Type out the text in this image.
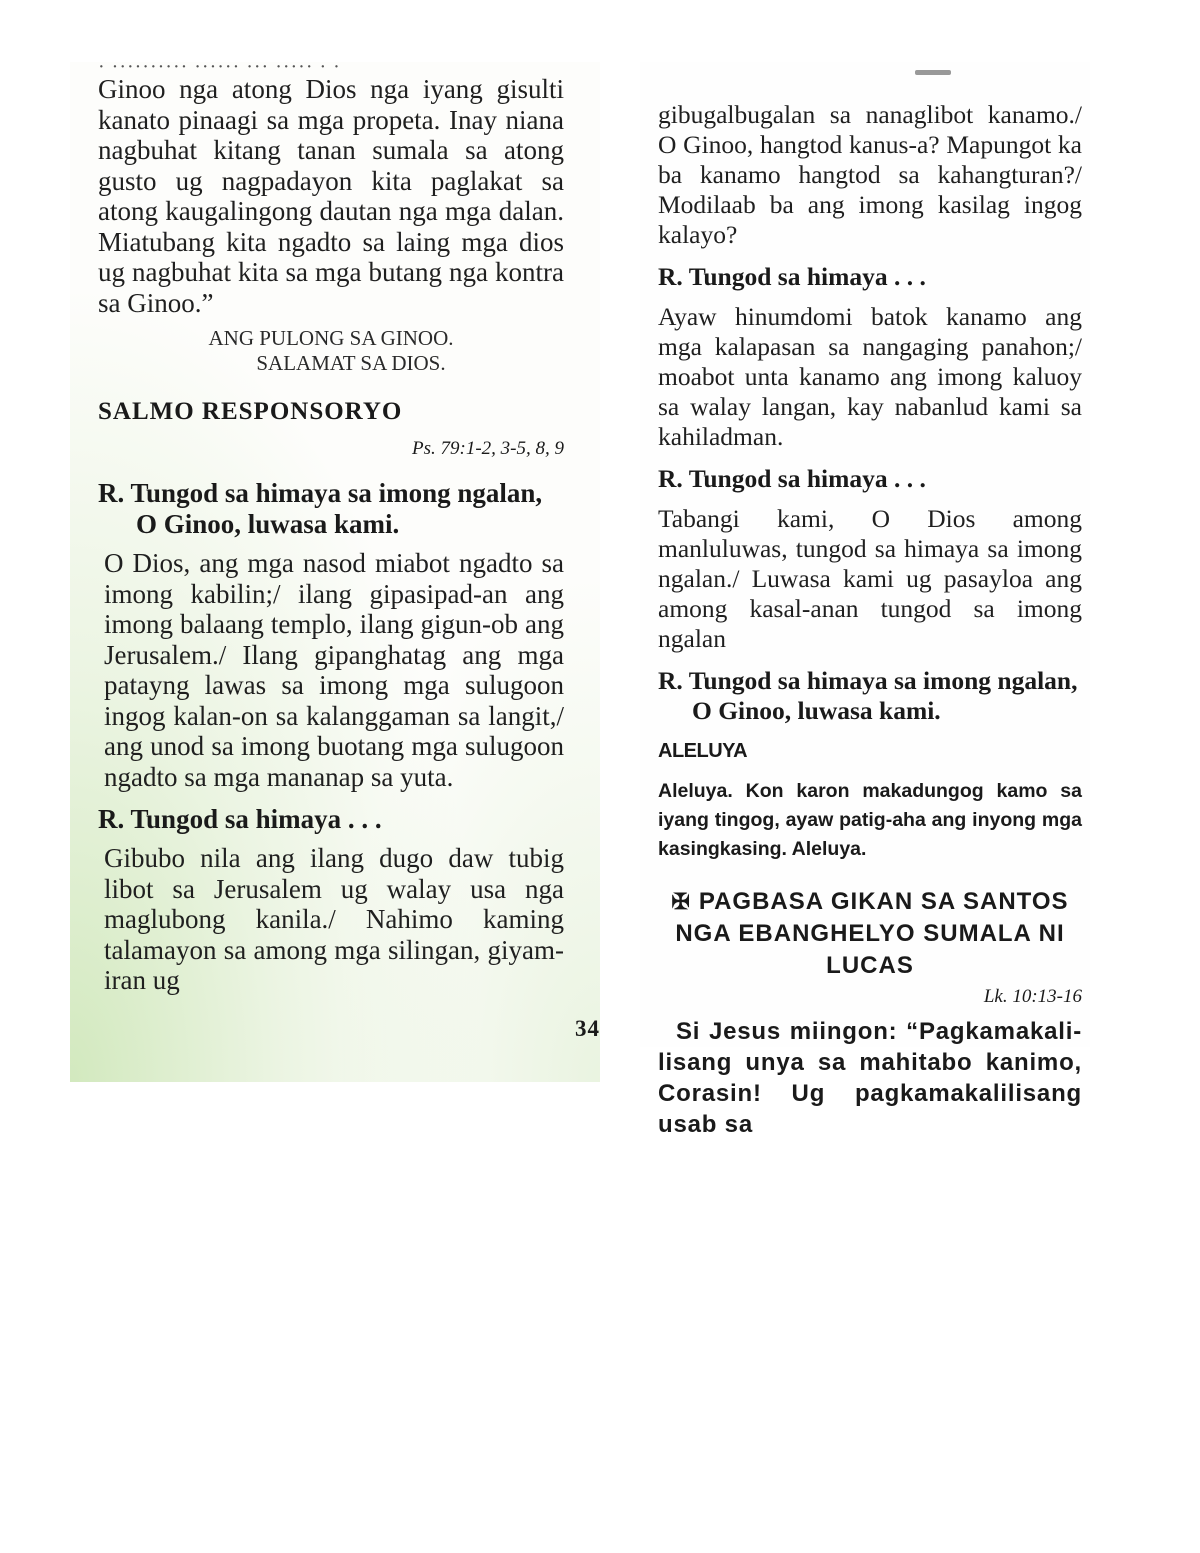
· ·········· ······ ··· ····· · ·

Ginoo nga atong Dios nga iyang gisulti kanato pinaagi sa mga propeta. Inay niana nagbuhat kitang tanan sumala sa atong gusto ug nagpadayon kita paglakat sa atong kaugalingong dautan nga mga dalan. Miatubang kita ngadto sa laing mga dios ug nagbuhat kita sa mga butang nga kontra sa Ginoo.”

ANG PULONG SA GINOO.
SALAMAT SA DIOS.
SALMO RESPONSORYO
Ps. 79:1-2, 3-5, 8, 9
R. Tungod sa himaya sa imong ngalan,
O Ginoo, luwasa kami.

O Dios, ang mga nasod miabot ngadto sa imong kabilin;/ ilang gipasipad-an ang imong balaang templo, ilang gigun-ob ang Jerusalem./ Ilang gipanghatag ang mga patayng lawas sa imong mga sulugoon ingog kalan-on sa kalanggaman sa langit,/ ang unod sa imong buotang mga sulugoon ngadto sa mga mananap sa yuta.

R. Tungod sa himaya . . .

Gibubo nila ang ilang dugo daw tubig libot sa Jerusalem ug walay usa nga maglubong kanila./ Nahimo kaming talamayon sa among mga silingan, giyam-iran ug

34

gibugalbugalan sa nanaglibot kanamo./ O Ginoo, hangtod kanus-a? Mapungot ka ba kanamo hangtod sa kahangturan?/ Modilaab ba ang imong kasilag ingog kalayo?

R. Tungod sa himaya . . .

Ayaw hinumdomi batok kanamo ang mga kalapasan sa nangaging panahon;/ moabot unta kanamo ang imong kaluoy sa walay langan, kay nabanlud kami sa kahiladman.

R. Tungod sa himaya . . .

Tabangi kami, O Dios among manluluwas, tungod sa himaya sa imong ngalan./ Luwasa kami ug pasayloa ang among kasal-anan tungod sa imong ngalan

R. Tungod sa himaya sa imong ngalan,
O Ginoo, luwasa kami.
ALELUYA

Aleluya. Kon karon makadungog kamo sa iyang tingog, ayaw patig-aha ang inyong mga kasingkasing. Aleluya.

✠ PAGBASA GIKAN SA SANTOS
NGA EBANGHELYO SUMALA NI
LUCAS
Lk. 10:13-16

Si Jesus miingon: “Pagkamakali-lisang unya sa mahitabo kanimo, Corasin! Ug pagkamakalilisang usab sa
